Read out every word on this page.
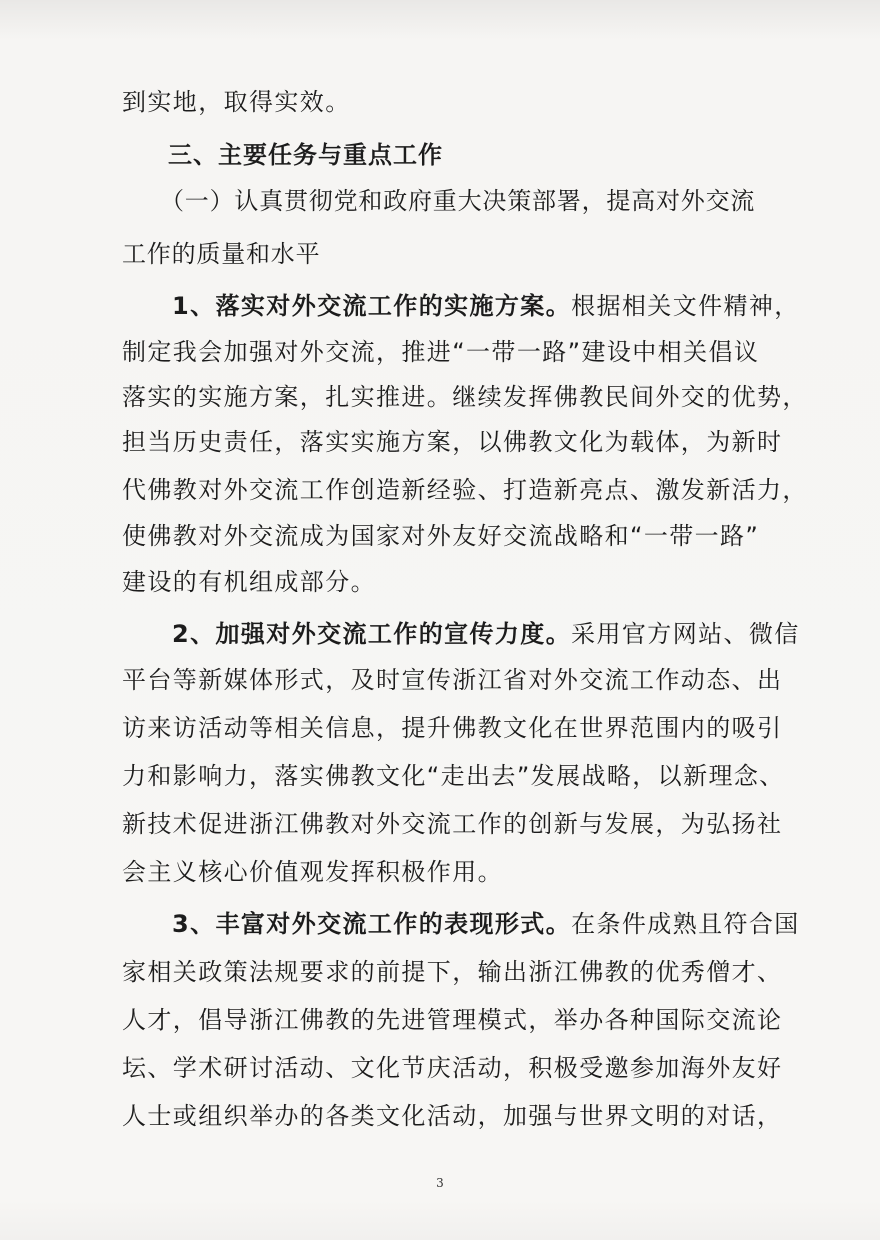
到实地，取得实效。
三、主要任务与重点工作
（一）认真贯彻党和政府重大决策部署，提高对外交流
工作的质量和水平
1、落实对外交流工作的实施方案。根据相关文件精神，
制定我会加强对外交流，推进“一带一路”建设中相关倡议
落实的实施方案，扎实推进。继续发挥佛教民间外交的优势，
担当历史责任，落实实施方案，以佛教文化为载体，为新时
代佛教对外交流工作创造新经验、打造新亮点、激发新活力，
使佛教对外交流成为国家对外友好交流战略和“一带一路”
建设的有机组成部分。
2、加强对外交流工作的宣传力度。采用官方网站、微信
平台等新媒体形式，及时宣传浙江省对外交流工作动态、出
访来访活动等相关信息，提升佛教文化在世界范围内的吸引
力和影响力，落实佛教文化“走出去”发展战略，以新理念、
新技术促进浙江佛教对外交流工作的创新与发展，为弘扬社
会主义核心价值观发挥积极作用。
3、丰富对外交流工作的表现形式。在条件成熟且符合国
家相关政策法规要求的前提下，输出浙江佛教的优秀僧才、
人才，倡导浙江佛教的先进管理模式，举办各种国际交流论
坛、学术研讨活动、文化节庆活动，积极受邀参加海外友好
人士或组织举办的各类文化活动，加强与世界文明的对话，
3
